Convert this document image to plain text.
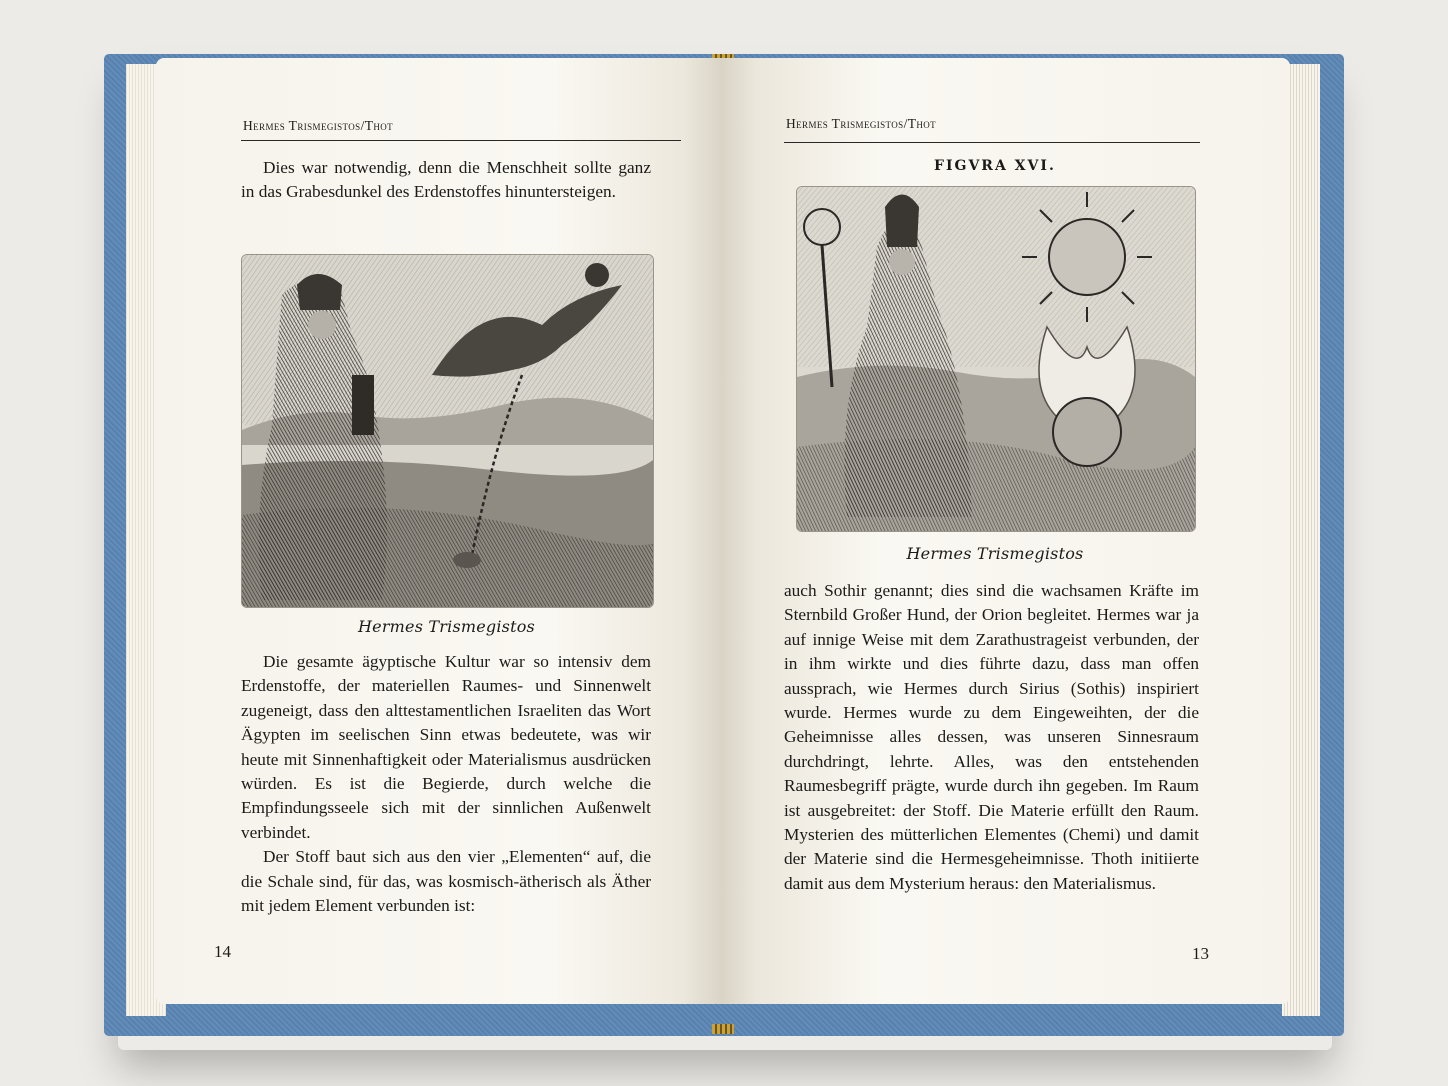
Hermes Trismegistos/Thot

Dies war notwendig, denn die Menschheit sollte ganz in das Grabesdunkel des Erdenstoffes hinuntersteigen.

Hermes Trismegistos

Die gesamte ägyptische Kultur war so intensiv dem Erdenstoffe, der materiellen Raumes- und Sinnenwelt zugeneigt, dass den alttestamentlichen Israeliten das Wort Ägypten im seelischen Sinn etwas bedeutete, was wir heute mit Sinnenhaftigkeit oder Materialismus ausdrücken würden. Es ist die Begierde, durch welche die Empfindungsseele sich mit der sinnlichen Außenwelt verbindet.

Der Stoff baut sich aus den vier „Elementen“ auf, die die Schale sind, für das, was kosmisch-ätherisch als Äther mit jedem Element verbunden ist:

14
Hermes Trismegistos/Thot
FIGVRA XVI.
Hermes Trismegistos

auch Sothir genannt; dies sind die wachsamen Kräfte im Sternbild Großer Hund, der Orion begleitet. Hermes war ja auf innige Weise mit dem Zarathustrageist verbunden, der in ihm wirkte und dies führte dazu, dass man offen aussprach, wie Hermes durch Sirius (Sothis) inspiriert wurde. Hermes wurde zu dem Eingeweihten, der die Geheimnisse alles dessen, was unseren Sinnesraum durchdringt, lehrte. Alles, was den entstehenden Raumesbegriff prägte, wurde durch ihn gegeben. Im Raum ist ausgebreitet: der Stoff. Die Materie erfüllt den Raum. Mysterien des mütterlichen Elementes (Chemi) und damit der Materie sind die Hermesgeheimnisse. Thoth initiierte damit aus dem Mysterium heraus: den Materialismus.

13
